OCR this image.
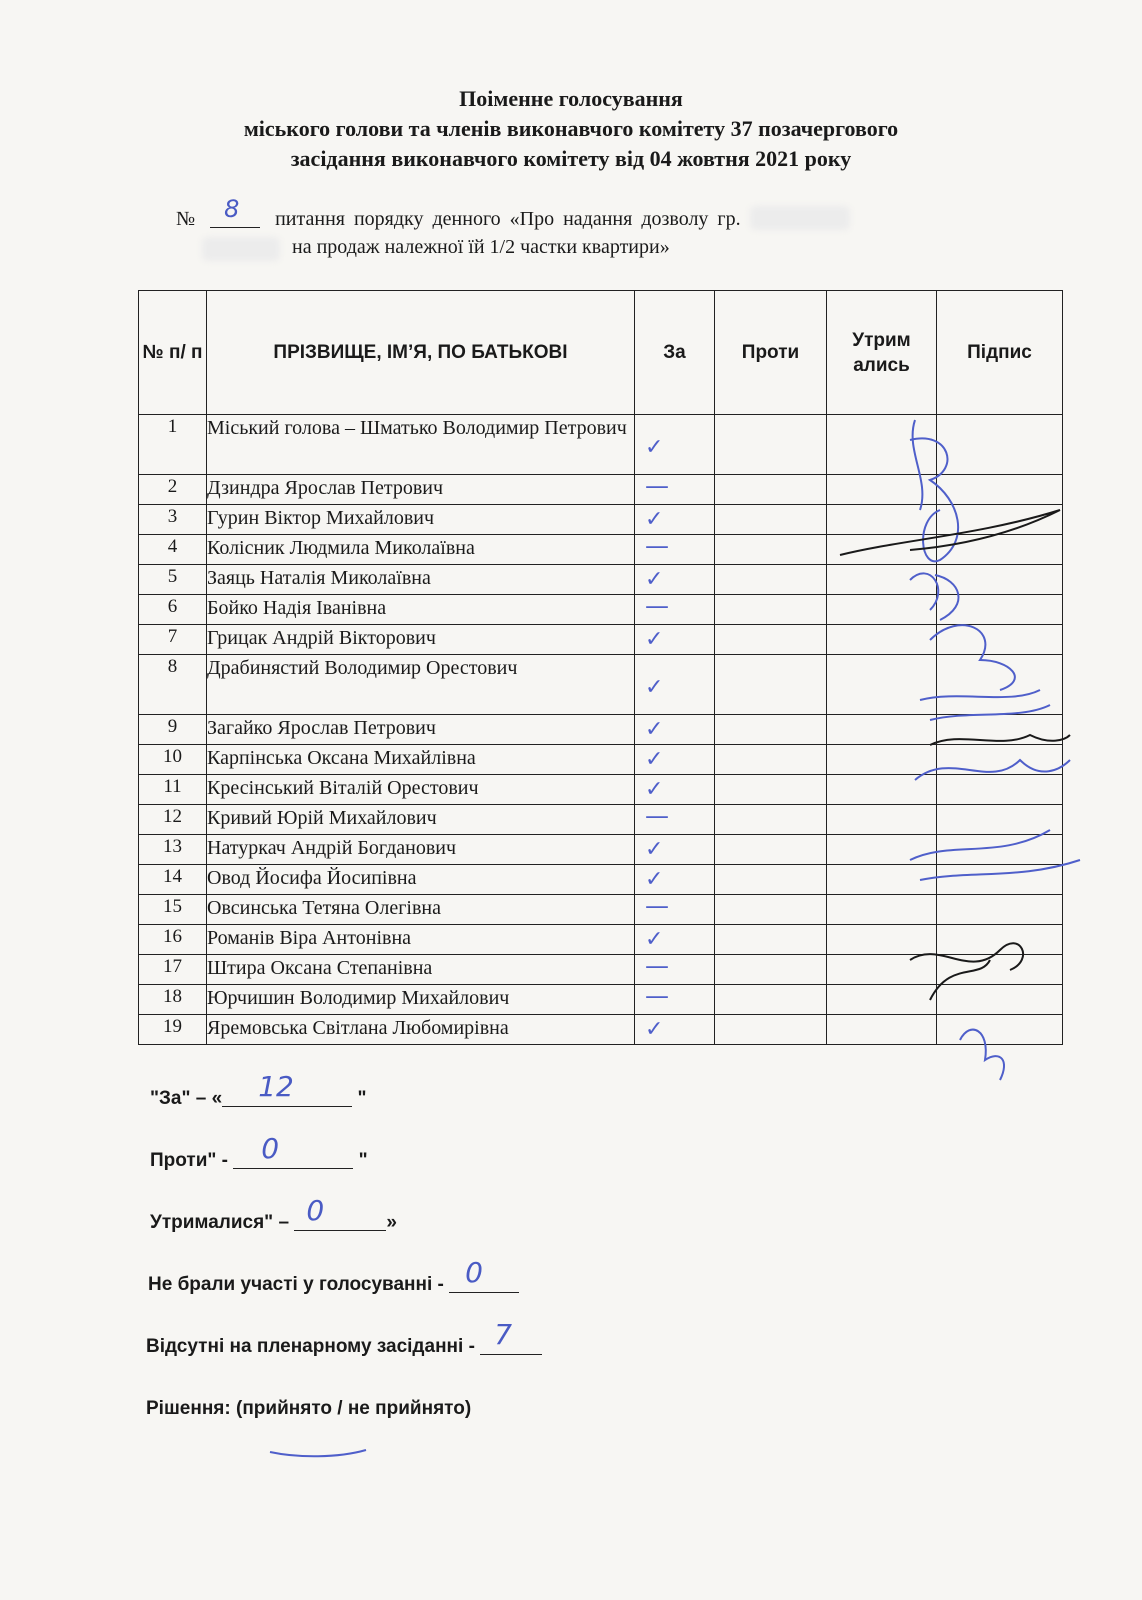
Поіменне голосування
міського голови та членів виконавчого комітету 37 позачергового
засідання виконавчого комітету від 04 жовтня 2021 року
№ 8 питання порядку денного «Про надання дозволу гр.
на продаж належної їй 1/2 частки квартири»
№ п/ п	ПРІЗВИЩЕ, ІМ’Я, ПО БАТЬКОВІ	За	Проти	Утрим ались	Підпис
1	Міський голова – Шматько Володимир Петрович	✓			

2	Дзиндра Ярослав Петрович	—			

3	Гурин Віктор Михайлович	✓			

4	Колісник Людмила Миколаївна	—			

5	Заяць Наталія Миколаївна	✓			

6	Бойко Надія Іванівна	—			

7	Грицак Андрій Вікторович	✓			

8	Драбинястий Володимир Орестович	✓			

9	Загайко Ярослав Петрович	✓			

10	Карпінська Оксана Михайлівна	✓			

11	Кресінський Віталій Орестович	✓			

12	Кривий Юрій Михайлович	—			

13	Натуркач Андрій Богданович	✓			

14	Овод Йосифа Йосипівна	✓			

15	Овсинська Тетяна Олегівна	—			

16	Романів Віра Антонівна	✓			

17	Штира Оксана Степанівна	—			

18	Юрчишин Володимир Михайлович	—			

19	Яремовська Світлана Любомирівна	✓			

"За" – « 12	"
Проти" - 0	"
Утрималися" – 0	»
Не брали участі у голосуванні - 0
Відсутні на пленарному засіданні - 7
Рішення: (прийнято / не прийнято)
